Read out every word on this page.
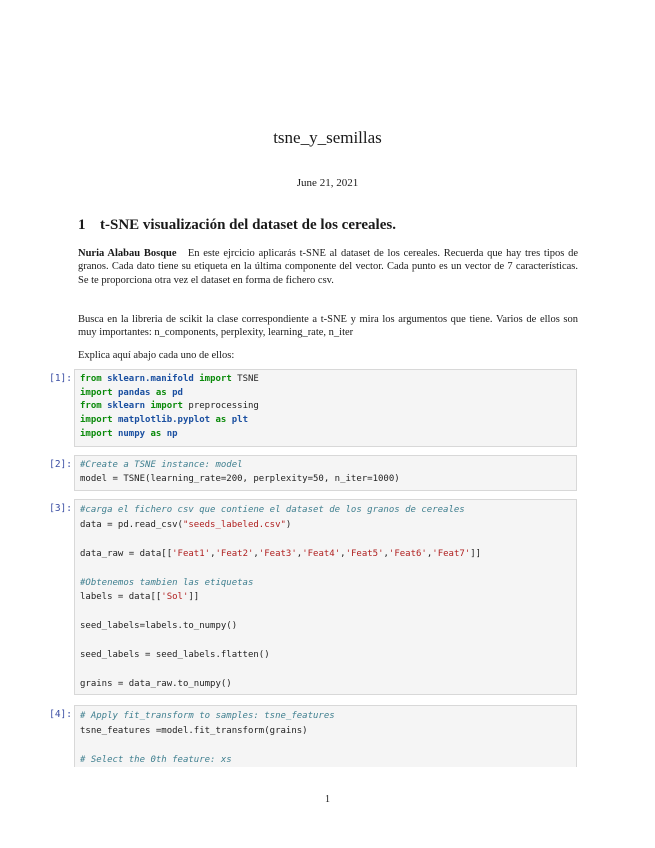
tsne_y_semillas
June 21, 2021
1 t-SNE visualización del dataset de los cereales.
Nuria Alabau Bosque En este ejrcicio aplicarás t-SNE al dataset de los cereales. Recuerda que hay tres tipos de granos. Cada dato tiene su etiqueta en la última componente del vector. Cada punto es un vector de 7 características. Se te proporciona otra vez el dataset en forma de fichero csv.
Busca en la libreria de scikit la clase correspondiente a t-SNE y mira los argumentos que tiene. Varios de ellos son muy importantes: n_components, perplexity, learning_rate, n_iter
Explica aquí abajo cada uno de ellos:
[1]: from sklearn.manifold import TSNE
import pandas as pd
from sklearn import preprocessing
import matplotlib.pyplot as plt
import numpy as np
[2]: #Create a TSNE instance: model
model = TSNE(learning_rate=200, perplexity=50, n_iter=1000)
[3]: #carga el fichero csv que contiene el dataset de los granos de cereales
data = pd.read_csv("seeds_labeled.csv")

data_raw = data[['Feat1','Feat2','Feat3','Feat4','Feat5','Feat6','Feat7']]

#Obtenemos tambien las etiquetas
labels = data[['Sol']]

seed_labels=labels.to_numpy()

seed_labels = seed_labels.flatten()

grains = data_raw.to_numpy()
[4]: # Apply fit_transform to samples: tsne_features
tsne_features =model.fit_transform(grains)

# Select the 0th feature: xs
1
